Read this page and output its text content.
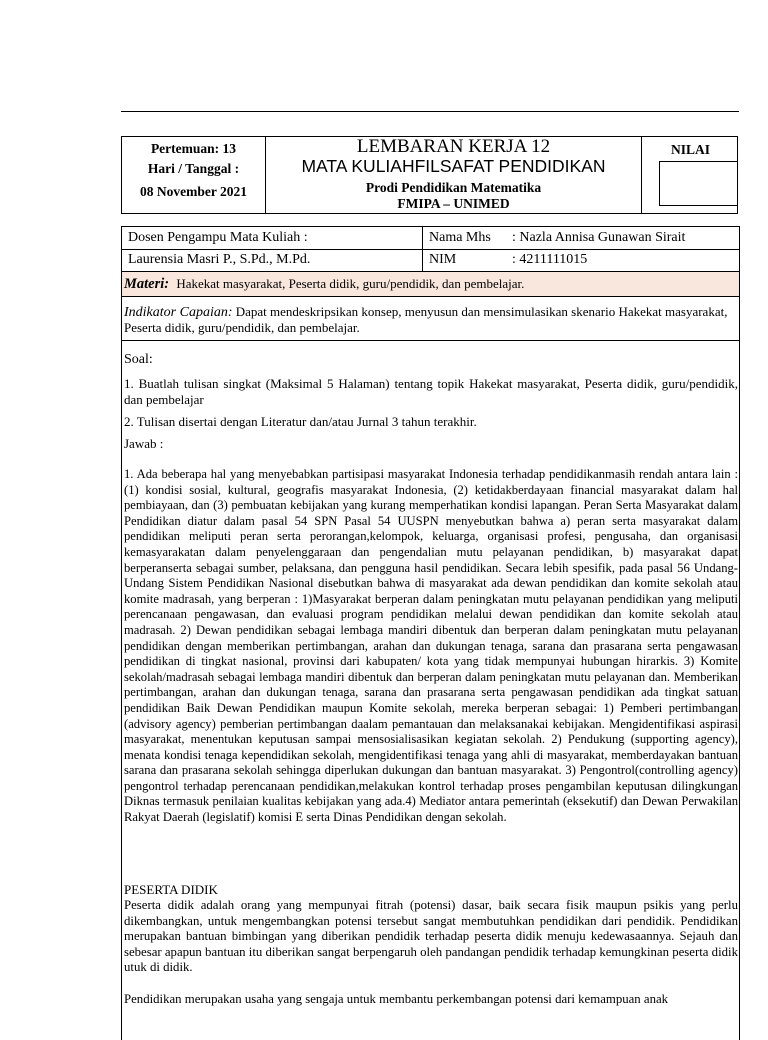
Pertemuan: 13
Hari / Tanggal :
08 November 2021
LEMBARAN KERJA 12
MATA KULIAHFILSAFAT PENDIDIKAN
Prodi Pendidikan Matematika
FMIPA – UNIMED
NILAI
Dosen Pengampu Mata Kuliah :
Laurensia Masri P., S.Pd., M.Pd.
Nama Mhs : Nazla Annisa Gunawan Sirait
NIM	: 4211111015
Materi: Hakekat masyarakat, Peserta didik, guru/pendidik, dan pembelajar.
Indikator Capaian: Dapat mendeskripsikan konsep, menyusun dan mensimulasikan skenario Hakekat masyarakat, Peserta didik, guru/pendidik, dan pembelajar.
Soal:
1. Buatlah tulisan singkat (Maksimal 5 Halaman) tentang topik Hakekat masyarakat, Peserta didik, guru/pendidik, dan pembelajar
2. Tulisan disertai dengan Literatur dan/atau Jurnal 3 tahun terakhir.
Jawab :
1. Ada beberapa hal yang menyebabkan partisipasi masyarakat Indonesia terhadap pendidikanmasih rendah antara lain : (1) kondisi sosial, kultural, geografis masyarakat Indonesia, (2) ketidakberdayaan financial masyarakat dalam hal pembiayaan, dan (3) pembuatan kebijakan yang kurang memperhatikan kondisi lapangan. Peran Serta Masyarakat dalam Pendidikan diatur dalam pasal 54 SPN Pasal 54 UUSPN menyebutkan bahwa a) peran serta masyarakat dalam pendidikan meliputi peran serta perorangan,kelompok, keluarga, organisasi profesi, pengusaha, dan organisasi kemasyarakatan dalam penyelenggaraan dan pengendalian mutu pelayanan pendidikan, b) masyarakat dapat berperanserta sebagai sumber, pelaksana, dan pengguna hasil pendidikan. Secara lebih spesifik, pada pasal 56 Undang-Undang Sistem Pendidikan Nasional disebutkan bahwa di masyarakat ada dewan pendidikan dan komite sekolah atau komite madrasah, yang berperan : 1)Masyarakat berperan dalam peningkatan mutu pelayanan pendidikan yang meliputi perencanaan pengawasan, dan evaluasi program pendidikan melalui dewan pendidikan dan komite sekolah atau madrasah. 2) Dewan pendidikan sebagai lembaga mandiri dibentuk dan berperan dalam peningkatan mutu pelayanan pendidikan dengan memberikan pertimbangan, arahan dan dukungan tenaga, sarana dan prasarana serta pengawasan pendidikan di tingkat nasional, provinsi dari kabupaten/ kota yang tidak mempunyai hubungan hirarkis. 3) Komite sekolah/madrasah sebagai lembaga mandiri dibentuk dan berperan dalam peningkatan mutu pelayanan dan. Memberikan pertimbangan, arahan dan dukungan tenaga, sarana dan prasarana serta pengawasan pendidikan ada tingkat satuan pendidikan Baik Dewan Pendidikan maupun Komite sekolah, mereka berperan sebagai: 1) Pemberi pertimbangan (advisory agency) pemberian pertimbangan daalam pemantauan dan melaksanakai kebijakan. Mengidentifikasi aspirasi masyarakat, menentukan keputusan sampai mensosialisasikan kegiatan sekolah. 2) Pendukung (supporting agency), menata kondisi tenaga kependidikan sekolah, mengidentifikasi tenaga yang ahli di masyarakat, memberdayakan bantuan sarana dan prasarana sekolah sehingga diperlukan dukungan dan bantuan masyarakat. 3) Pengontrol(controlling agency) pengontrol terhadap perencanaan pendidikan,melakukan kontrol terhadap proses pengambilan keputusan dilingkungan Diknas termasuk penilaian kualitas kebijakan yang ada.4) Mediator antara pemerintah (eksekutif) dan Dewan Perwakilan Rakyat Daerah (legislatif) komisi E serta Dinas Pendidikan dengan sekolah.
PESERTA DIDIK
Peserta didik adalah orang yang mempunyai fitrah (potensi) dasar, baik secara fisik maupun psikis yang perlu dikembangkan, untuk mengembangkan potensi tersebut sangat membutuhkan pendidikan dari pendidik. Pendidikan merupakan bantuan bimbingan yang diberikan pendidik terhadap peserta didik menuju kedewasaannya. Sejauh dan sebesar apapun bantuan itu diberikan sangat berpengaruh oleh pandangan pendidik terhadap kemungkinan peserta didik utuk di didik.
Pendidikan merupakan usaha yang sengaja untuk membantu perkembangan potensi dari kemampuan anak
